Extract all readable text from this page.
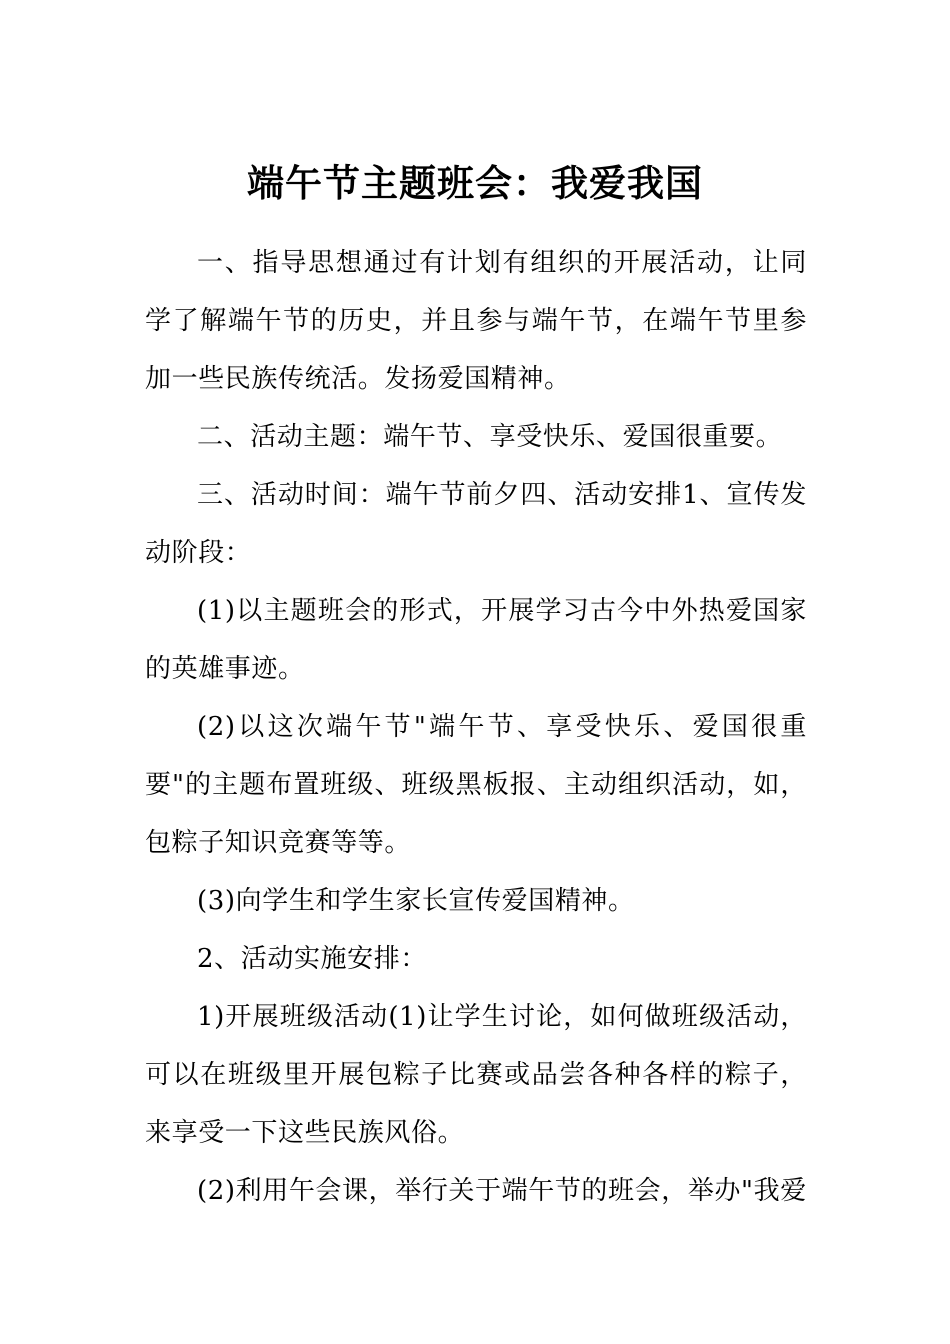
端午节主题班会：我爱我国

一、指导思想通过有计划有组织的开展活动，让同学了解端午节的历史，并且参与端午节，在端午节里参加一些民族传统活。发扬爱国精神。

二、活动主题：端午节、享受快乐、爱国很重要。

三、活动时间：端午节前夕四、活动安排1、宣传发动阶段：

(1)以主题班会的形式，开展学习古今中外热爱国家的英雄事迹。

(2)以这次端午节"端午节、享受快乐、爱国很重要"的主题布置班级、班级黑板报、主动组织活动，如，包粽子知识竞赛等等。

(3)向学生和学生家长宣传爱国精神。

2、活动实施安排：

1)开展班级活动(1)让学生讨论，如何做班级活动，可以在班级里开展包粽子比赛或品尝各种各样的粽子，来享受一下这些民族风俗。

(2)利用午会课，举行关于端午节的班会，举办"我爱
